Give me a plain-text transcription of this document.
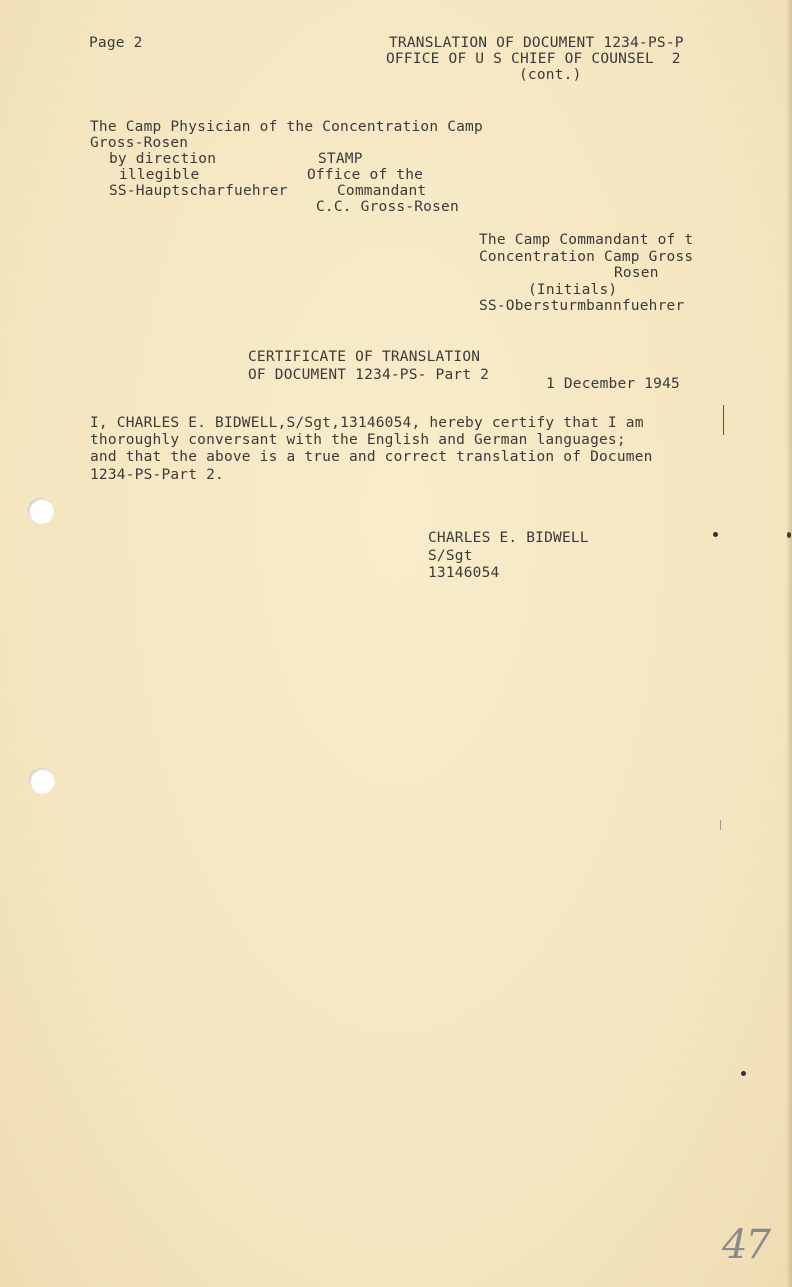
Page 2	TRANSLATION OF DOCUMENT 1234-PS-P
OFFICE OF U S CHIEF OF COUNSEL  2
(cont.)
The Camp Physician of the Concentration Camp
Gross-Rosen
by direction
illegible
SS-Hauptscharfuehrer
STAMP
Office of the
Commandant
C.C. Gross-Rosen
The Camp Commandant of t
Concentration Camp Gross
Rosen
(Initials)
SS-Obersturmbannfuehrer
CERTIFICATE OF TRANSLATION
OF DOCUMENT 1234-PS- Part 2
1 December 1945
I, CHARLES E. BIDWELL,S/Sgt,13146054, hereby certify that I am
thoroughly conversant with the English and German languages;
and that the above is a true and correct translation of Documen
1234-PS-Part 2.
CHARLES E. BIDWELL
S/Sgt
13146054
47
